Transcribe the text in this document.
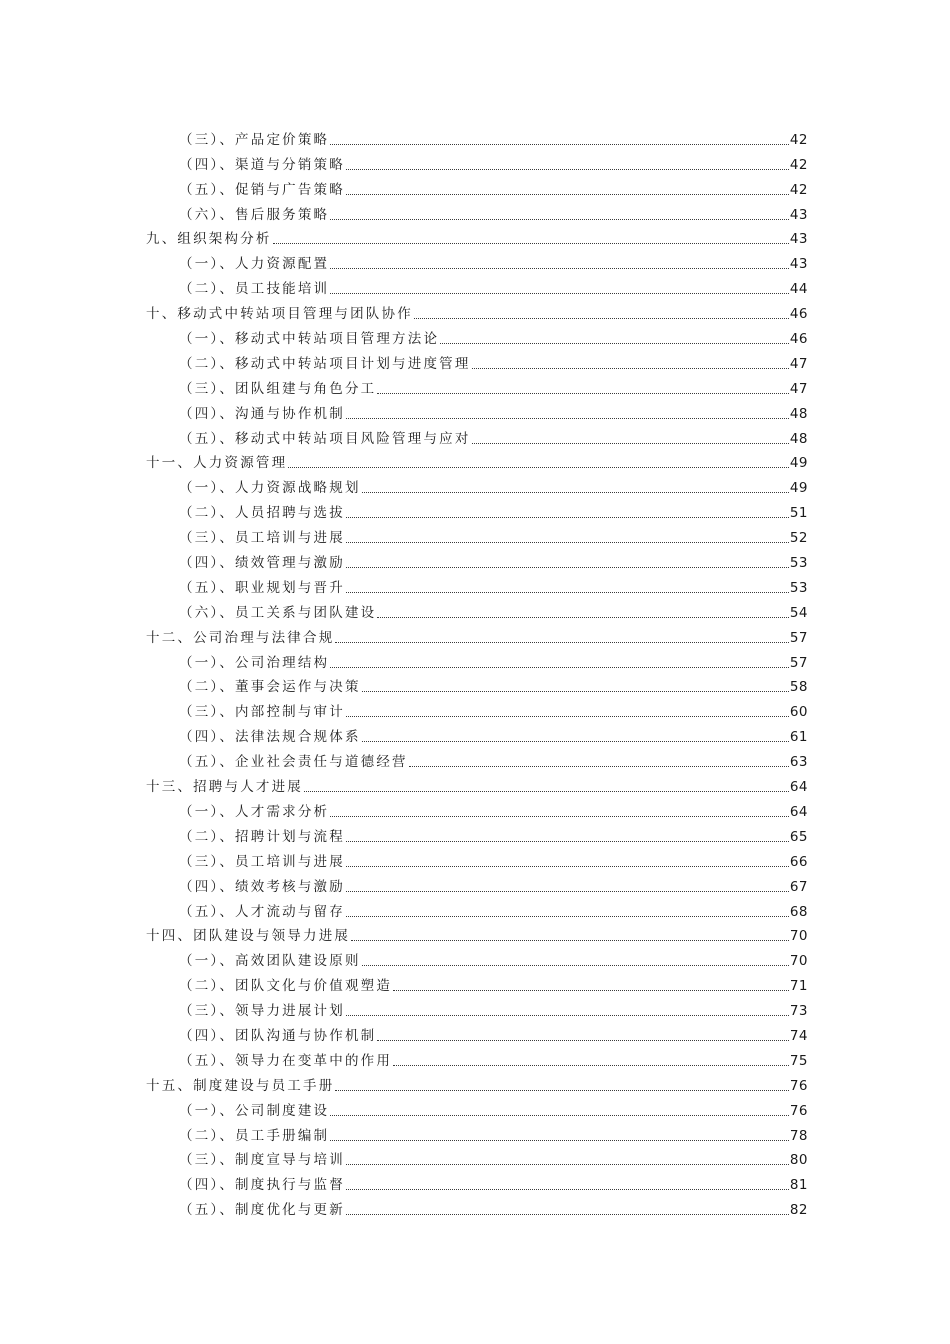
（三）、产品定价策略	42
（四）、渠道与分销策略	42
（五）、促销与广告策略	42
（六）、售后服务策略	43
九、组织架构分析	43
（一）、人力资源配置	43
（二）、员工技能培训	44
十、移动式中转站项目管理与团队协作	46
（一）、移动式中转站项目管理方法论	46
（二）、移动式中转站项目计划与进度管理	47
（三）、团队组建与角色分工	47
（四）、沟通与协作机制	48
（五）、移动式中转站项目风险管理与应对	48
十一、人力资源管理	49
（一）、人力资源战略规划	49
（二）、人员招聘与选拔	51
（三）、员工培训与进展	52
（四）、绩效管理与激励	53
（五）、职业规划与晋升	53
（六）、员工关系与团队建设	54
十二、公司治理与法律合规	57
（一）、公司治理结构	57
（二）、董事会运作与决策	58
（三）、内部控制与审计	60
（四）、法律法规合规体系	61
（五）、企业社会责任与道德经营	63
十三、招聘与人才进展	64
（一）、人才需求分析	64
（二）、招聘计划与流程	65
（三）、员工培训与进展	66
（四）、绩效考核与激励	67
（五）、人才流动与留存	68
十四、团队建设与领导力进展	70
（一）、高效团队建设原则	70
（二）、团队文化与价值观塑造	71
（三）、领导力进展计划	73
（四）、团队沟通与协作机制	74
（五）、领导力在变革中的作用	75
十五、制度建设与员工手册	76
（一）、公司制度建设	76
（二）、员工手册编制	78
（三）、制度宣导与培训	80
（四）、制度执行与监督	81
（五）、制度优化与更新	82
